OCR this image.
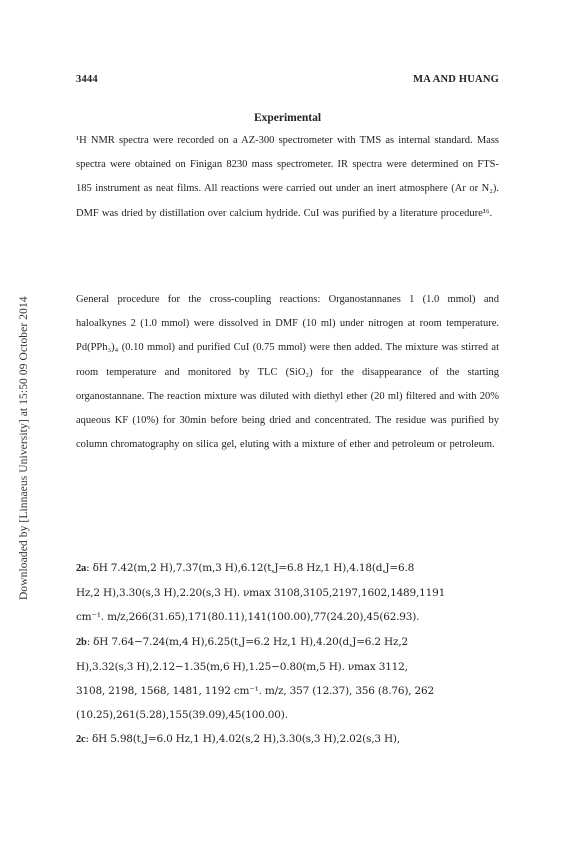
Downloaded by [Linnaeus University] at 15:50 09 October 2014
3444	MA AND HUANG
Experimental

¹H NMR spectra were recorded on a AZ-300 spectrometer with TMS as internal standard. Mass spectra were obtained on Finigan 8230 mass spectrometer. IR spectra were determined on FTS-185 instrument as neat films. All reactions were carried out under an inert atmosphere (Ar or N₂). DMF was dried by distillation over calcium hydride. CuI was purified by a literature procedure¹⁶.

General procedure for the cross-coupling reactions: Organostannanes 1 (1.0 mmol) and haloalkynes 2 (1.0 mmol) were dissolved in DMF (10 ml) under nitrogen at room temperature. Pd(PPh₃)₄ (0.10 mmol) and purified CuI (0.75 mmol) were then added. The mixture was stirred at room temperature and monitored by TLC (SiO₂) for the disappearance of the starting organostannane. The reaction mixture was diluted with diethyl ether (20 ml) filtered and with 20% aqueous KF (10%) for 30min before being dried and concentrated. The residue was purified by column chromatography on silica gel, eluting with a mixture of ether and petroleum or petroleum.

2a: δH 7.42(m,2 H),7.37(m,3 H),6.12(t,J=6.8 Hz,1 H),4.18(d,J=6.8
Hz,2 H),3.30(s,3 H),2.20(s,3 H). νmax 3108,3105,2197,1602,1489,1191
cm⁻¹. m/z,266(31.65),171(80.11),141(100.00),77(24.20),45(62.93).
2b: δH 7.64−7.24(m,4 H),6.25(t,J=6.2 Hz,1 H),4.20(d,J=6.2 Hz,2
H),3.32(s,3 H),2.12−1.35(m,6 H),1.25−0.80(m,5 H). νmax 3112,
3108, 2198, 1568, 1481, 1192 cm⁻¹. m/z, 357 (12.37), 356 (8.76), 262
(10.25),261(5.28),155(39.09),45(100.00).
2c: δH 5.98(t,J=6.0 Hz,1 H),4.02(s,2 H),3.30(s,3 H),2.02(s,3 H),
